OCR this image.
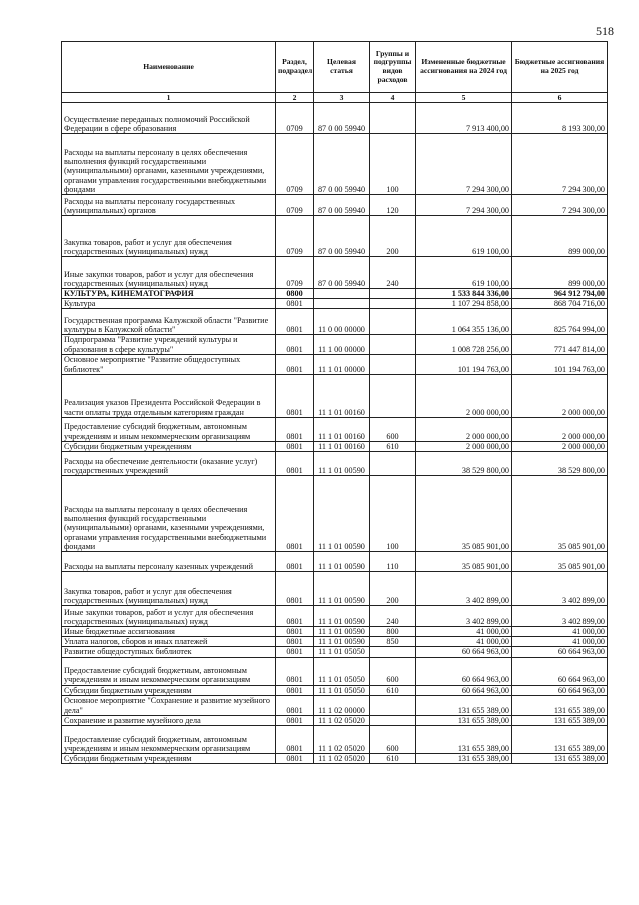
518
Наименование	Раздел, подраздел	Целевая статья	Группы и подгруппы видов расходов	Измененные бюджетные ассигнования на 2024 год	Бюджетные ассигнования на 2025 год
1	2	3	4	5	6
Осуществление переданных полномочий Российской Федерации в сфере образования	0709	87 0 00 59940		7 913 400,00	8 193 300,00
Расходы на выплаты персоналу в целях обеспечения выполнения функций государственными (муниципальными) органами, казенными учреждениями, органами управления государственными внебюджетными фондами	0709	87 0 00 59940	100	7 294 300,00	7 294 300,00
Расходы на выплаты персоналу государственных (муниципальных) органов	0709	87 0 00 59940	120	7 294 300,00	7 294 300,00
Закупка товаров, работ и услуг для обеспечения государственных (муниципальных) нужд	0709	87 0 00 59940	200	619 100,00	899 000,00
Иные закупки товаров, работ и услуг для обеспечения государственных (муниципальных) нужд	0709	87 0 00 59940	240	619 100,00	899 000,00
КУЛЬТУРА, КИНЕМАТОГРАФИЯ	0800			1 533 844 336,00	964 912 794,00
Культура	0801			1 107 294 858,00	868 704 716,00
Государственная программа Калужской области "Развитие культуры в Калужской области"	0801	11 0 00 00000		1 064 355 136,00	825 764 994,00
Подпрограмма "Развитие учреждений культуры и образования в сфере культуры"	0801	11 1 00 00000		1 008 728 256,00	771 447 814,00
Основное мероприятие "Развитие общедоступных библиотек"	0801	11 1 01 00000		101 194 763,00	101 194 763,00
Реализация указов Президента Российской Федерации в части оплаты труда отдельным категориям граждан	0801	11 1 01 00160		2 000 000,00	2 000 000,00
Предоставление субсидий бюджетным, автономным учреждениям и иным некоммерческим организациям	0801	11 1 01 00160	600	2 000 000,00	2 000 000,00
Субсидии бюджетным учреждениям	0801	11 1 01 00160	610	2 000 000,00	2 000 000,00
Расходы на обеспечение деятельности (оказание услуг) государственных учреждений	0801	11 1 01 00590		38 529 800,00	38 529 800,00
Расходы на выплаты персоналу в целях обеспечения выполнения функций государственными (муниципальными) органами, казенными учреждениями, органами управления государственными внебюджетными фондами	0801	11 1 01 00590	100	35 085 901,00	35 085 901,00
Расходы на выплаты персоналу казенных учреждений	0801	11 1 01 00590	110	35 085 901,00	35 085 901,00
Закупка товаров, работ и услуг для обеспечения государственных (муниципальных) нужд	0801	11 1 01 00590	200	3 402 899,00	3 402 899,00
Иные закупки товаров, работ и услуг для обеспечения государственных (муниципальных) нужд	0801	11 1 01 00590	240	3 402 899,00	3 402 899,00
Иные бюджетные ассигнования	0801	11 1 01 00590	800	41 000,00	41 000,00
Уплата налогов, сборов и иных платежей	0801	11 1 01 00590	850	41 000,00	41 000,00
Развитие общедоступных библиотек	0801	11 1 01 05050		60 664 963,00	60 664 963,00
Предоставление субсидий бюджетным, автономным учреждениям и иным некоммерческим организациям	0801	11 1 01 05050	600	60 664 963,00	60 664 963,00
Субсидии бюджетным учреждениям	0801	11 1 01 05050	610	60 664 963,00	60 664 963,00
Основное мероприятие "Сохранение и развитие музейного дела"	0801	11 1 02 00000		131 655 389,00	131 655 389,00
Сохранение и развитие музейного дела	0801	11 1 02 05020		131 655 389,00	131 655 389,00
Предоставление субсидий бюджетным, автономным учреждениям и иным некоммерческим организациям	0801	11 1 02 05020	600	131 655 389,00	131 655 389,00
Субсидии бюджетным учреждениям	0801	11 1 02 05020	610	131 655 389,00	131 655 389,00
